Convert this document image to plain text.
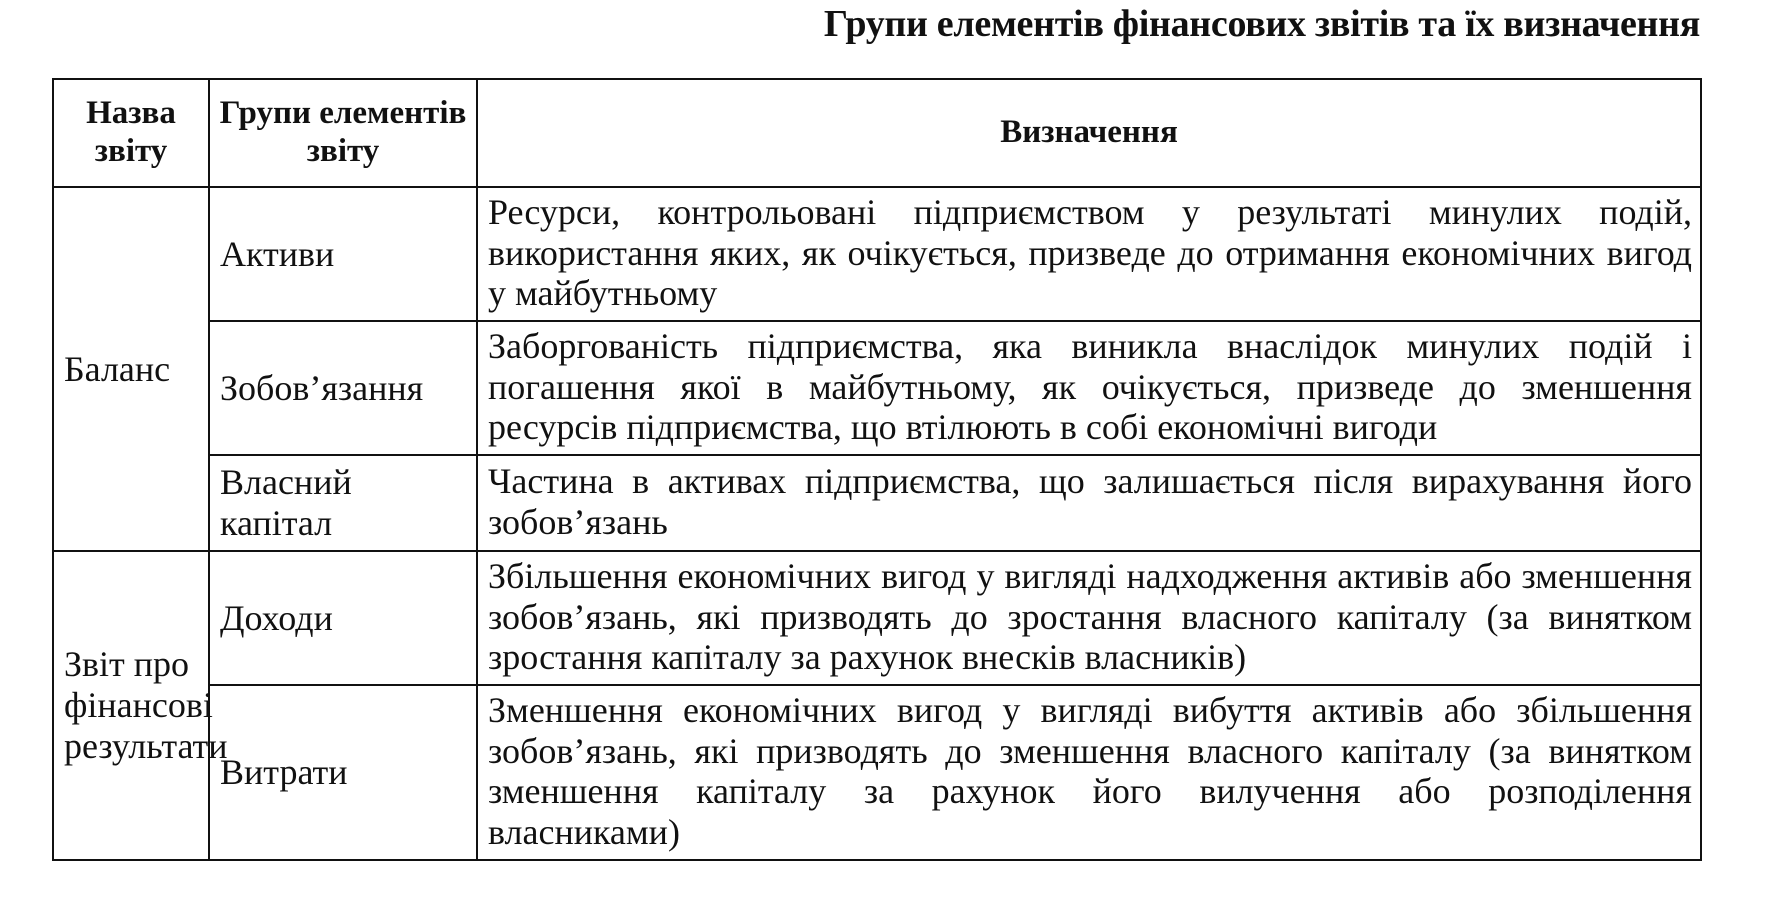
Групи елементів фінансових звітів та їх визначення
Назва звіту	Групи елементів звіту	Визначення
Баланс	Активи	Ресурси, контрольовані підприємством у результаті минулих подій, використання яких, як очікується, призведе до отримання економічних вигод у майбутньому
	Зобов’язання	Заборгованість підприємства, яка виникла внаслідок минулих подій і погашення якої в майбутньому, як очікується, призведе до зменшення ресурсів підприємства, що втілюють в собі економічні вигоди
	Власний капітал	Частина в активах підприємства, що залишається після вирахування його зобов’язань
Звіт про фінансові результати	Доходи	Збільшення економічних вигод у вигляді надходження активів або зменшення зобов’язань, які призводять до зростання власного капіталу (за винятком зростання капіталу за рахунок внесків власників)
	Витрати	Зменшення економічних вигод у вигляді вибуття активів або збільшення зобов’язань, які призводять до зменшення власного капіталу (за винятком зменшення капіталу за рахунок його вилучення або розподілення власниками)
